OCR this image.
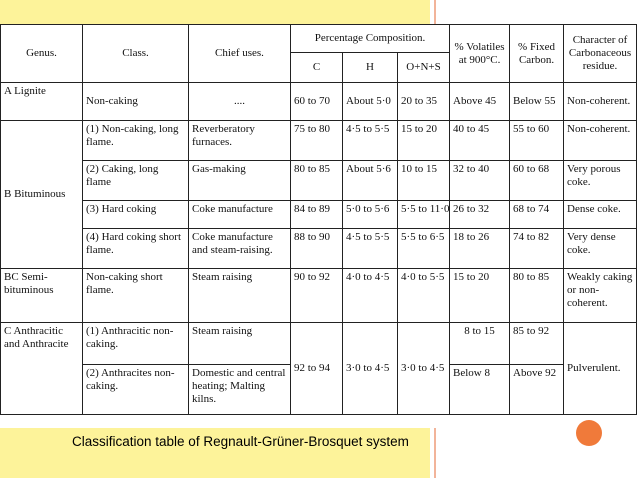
Genus.	Class.	Chief uses.	Percentage Composition.			% Volatiles at 900°C.	% Fixed Carbon.	Character of Carbonaceous residue.
			C	H	O+N+S			
A Lignite	Non-caking	....	60 to 70	About 5·0	20 to 35	Above 45	Below 55	Non-coherent.
B Bituminous	(1) Non-caking, long flame.	Reverberatory furnaces.	75 to 80	4·5 to 5·5	15 to 20	40 to 45	55 to 60	Non-coherent.
	(2) Caking, long flame	Gas-making	80 to 85	About 5·6	10 to 15	32 to 40	60 to 68	Very porous coke.
	(3) Hard coking	Coke manufacture	84 to 89	5·0 to 5·6	5·5 to 11·0	26 to 32	68 to 74	Dense coke.
	(4) Hard coking short flame.	Coke manufacture and steam-raising.	88 to 90	4·5 to 5·5	5·5 to 6·5	18 to 26	74 to 82	Very dense coke.
BC Semi-bituminous	Non-caking short flame.	Steam raising	90 to 92	4·0 to 4·5	4·0 to 5·5	15 to 20	80 to 85	Weakly caking or non-coherent.
C Anthracitic and Anthracite	(1) Anthracitic non-caking.	Steam raising	92 to 94	3·0 to 4·5	3·0 to 4·5	8 to 15	85 to 92	Pulverulent.
	(2) Anthracites non-caking.	Domestic and central heating; Malting kilns.				Below 8	Above 92	
Classification table of Regnault-Grüner-Brosquet system
